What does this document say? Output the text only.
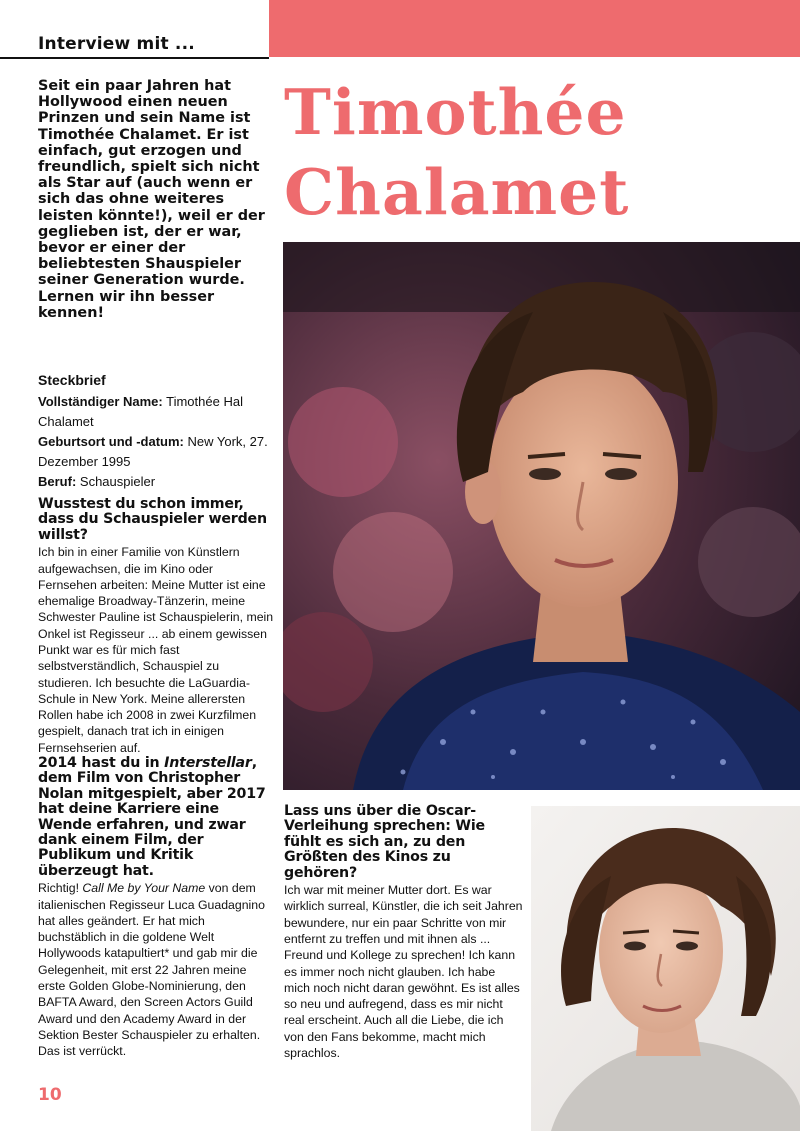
Interview mit ...

Timothée
Chalamet

Seit ein paar Jahren hat Hollywood einen neuen Prinzen und sein Name ist Timothée Chalamet. Er ist einfach, gut erzogen und freundlich, spielt sich nicht als Star auf (auch wenn er sich das ohne weiteres leisten könnte!), weil er der geglieben ist, der er war, bevor er einer der beliebtesten Shauspieler seiner Generation wurde. Lernen wir ihn besser kennen!

Steckbrief

Vollständiger Name: Timothée Hal Chalamet

Geburtsort und -datum: New York, 27. Dezember 1995

Beruf: Schauspieler

Wusstest du schon immer, dass du Schauspieler werden willst?

Ich bin in einer Familie von Künstlern aufgewachsen, die im Kino oder Fernsehen arbeiten: Meine Mutter ist eine ehemalige Broadway-Tänzerin, meine Schwester Pauline ist Schauspielerin, mein Onkel ist Regisseur ... ab einem gewissen Punkt war es für mich fast selbstverständlich, Schauspiel zu studieren. Ich besuchte die LaGuardia-Schule in New York. Meine allerersten Rollen habe ich 2008 in zwei Kurzfilmen gespielt, danach trat ich in einigen Fernsehserien auf.

2014 hast du in Interstellar, dem Film von Christopher Nolan mitgespielt, aber 2017 hat deine Karriere eine Wende erfahren, und zwar dank einem Film, der Publikum und Kritik überzeugt hat.

Richtig! Call Me by Your Name von dem italienischen Regisseur Luca Guadagnino hat alles geändert. Er hat mich buchstäblich in die goldene Welt Hollywoods katapultiert* und gab mir die Gelegenheit, mit erst 22 Jahren meine erste Golden Globe-Nominierung, den BAFTA Award, den Screen Actors Guild Award und den Academy Award in der Sektion Bester Schauspieler zu erhalten. Das ist verrückt.

Lass uns über die Oscar-Verleihung sprechen: Wie fühlt es sich an, zu den Größten des Kinos zu gehören?

Ich war mit meiner Mutter dort. Es war wirklich surreal, Künstler, die ich seit Jahren bewundere, nur ein paar Schritte von mir entfernt zu treffen und mit ihnen als ... Freund und Kollege zu sprechen! Ich kann es immer noch nicht glauben. Ich habe mich noch nicht daran gewöhnt. Es ist alles so neu und aufregend, dass es mir nicht real erscheint. Auch all die Liebe, die ich von den Fans bekomme, macht mich sprachlos.

10
